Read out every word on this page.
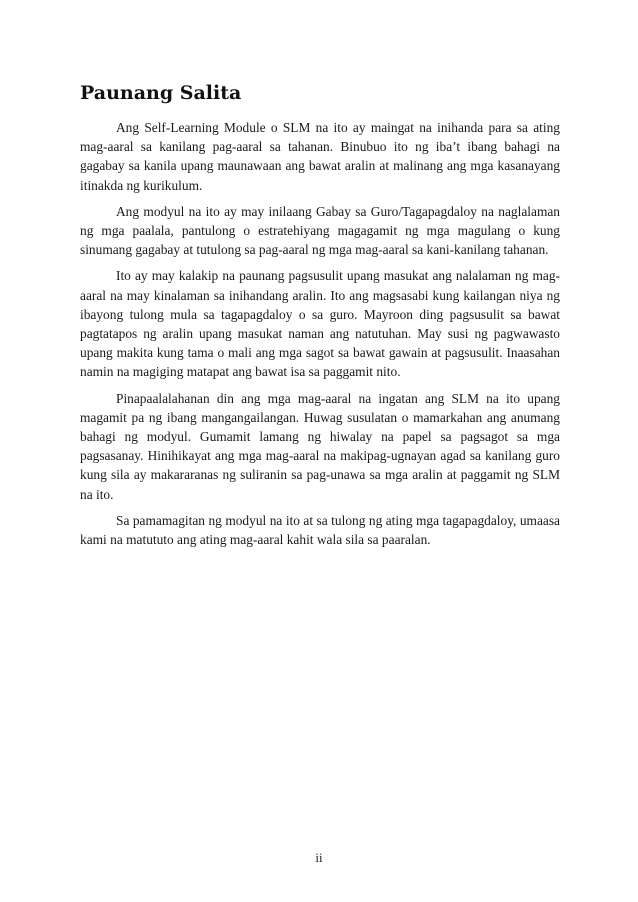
Paunang Salita

Ang Self-Learning Module o SLM na ito ay maingat na inihanda para sa ating mag-aaral sa kanilang pag-aaral sa tahanan. Binubuo ito ng iba’t ibang bahagi na gagabay sa kanila upang maunawaan ang bawat aralin at malinang ang mga kasanayang itinakda ng kurikulum.

Ang modyul na ito ay may inilaang Gabay sa Guro/Tagapagdaloy na naglalaman ng mga paalala, pantulong o estratehiyang magagamit ng mga magulang o kung sinumang gagabay at tutulong sa pag-aaral ng mga mag-aaral sa kani-kanilang tahanan.

Ito ay may kalakip na paunang pagsusulit upang masukat ang nalalaman ng mag-aaral na may kinalaman sa inihandang aralin. Ito ang magsasabi kung kailangan niya ng ibayong tulong mula sa tagapagdaloy o sa guro. Mayroon ding pagsusulit sa bawat pagtatapos ng aralin upang masukat naman ang natutuhan. May susi ng pagwawasto upang makita kung tama o mali ang mga sagot sa bawat gawain at pagsusulit. Inaasahan namin na magiging matapat ang bawat isa sa paggamit nito.

Pinapaalalahanan din ang mga mag-aaral na ingatan ang SLM na ito upang magamit pa ng ibang mangangailangan. Huwag susulatan o mamarkahan ang anumang bahagi ng modyul. Gumamit lamang ng hiwalay na papel sa pagsagot sa mga pagsasanay. Hinihikayat ang mga mag-aaral na makipag-ugnayan agad sa kanilang guro kung sila ay makararanas ng suliranin sa pag-unawa sa mga aralin at paggamit ng SLM na ito.

Sa pamamagitan ng modyul na ito at sa tulong ng ating mga tagapagdaloy, umaasa kami na matututo ang ating mag-aaral kahit wala sila sa paaralan.

ii
